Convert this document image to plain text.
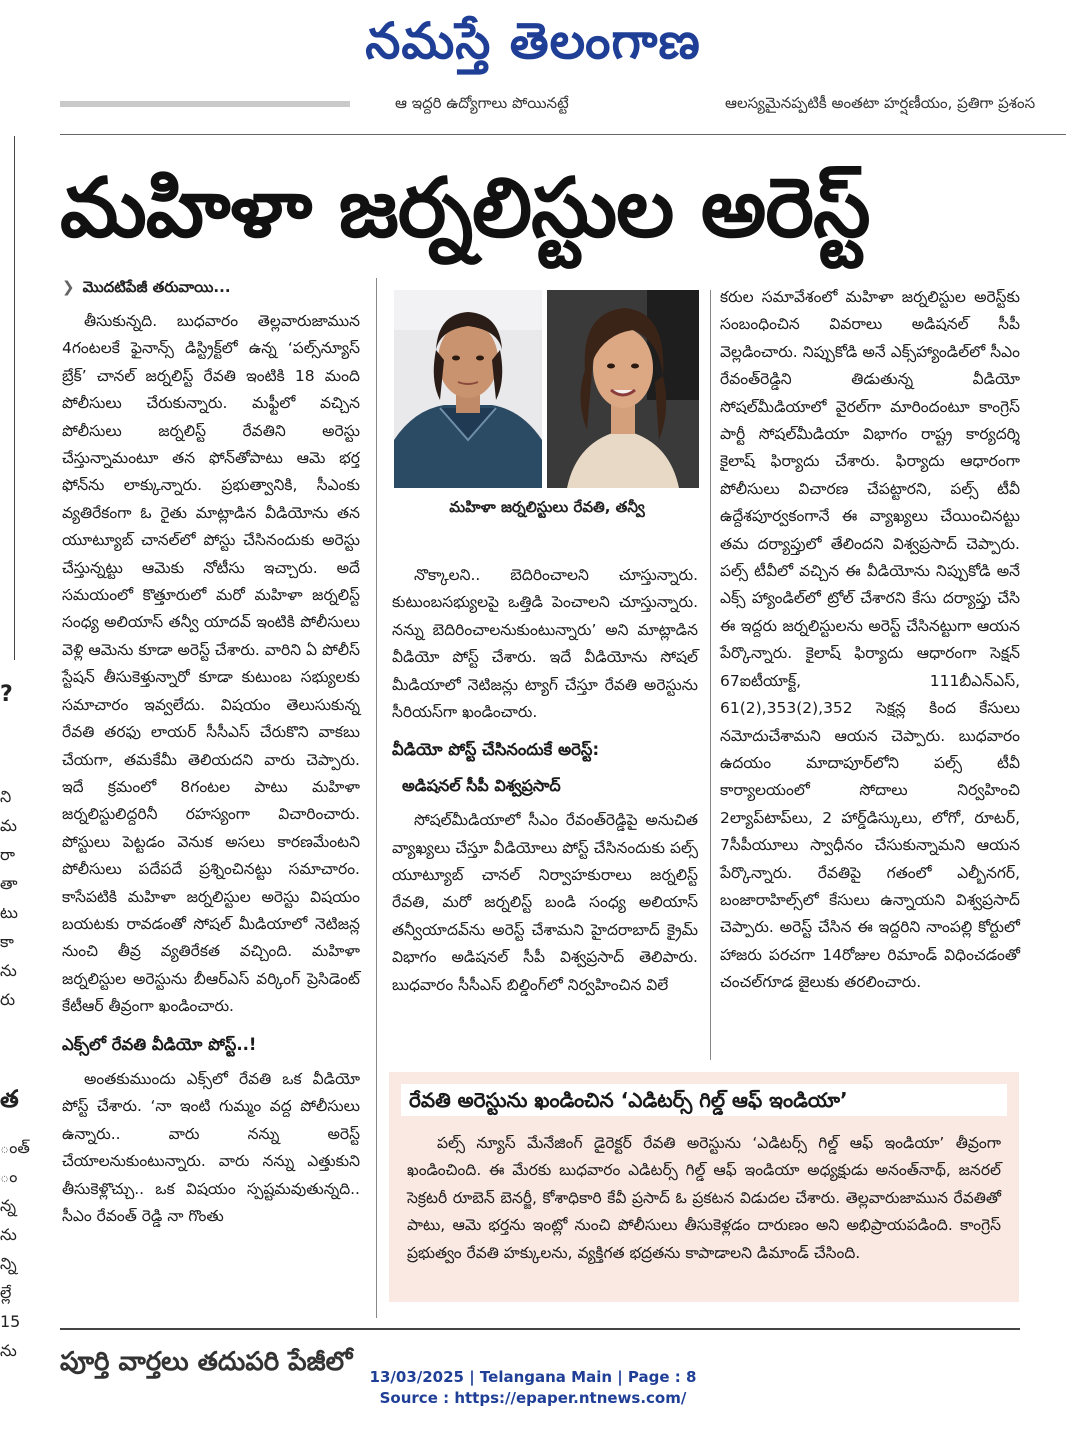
నమస్తే తెలంగాణ
ఆ ఇద్దరి ఉద్యోగాలు పోయినట్టే	ఆలస్యమైనప్పటికీ అంతటా హర్షణీయం, ప్రతిగా ప్రశంస
?
ని
మ
రా
తా
టు
కా
ను
రు
త
ంత్
ం
న్న
ను
న్ని
ల్లే
15
ను
మహిళా జర్నలిస్టుల అరెస్ట్
❯ మొదటిపేజీ తరువాయి...

తీసుకున్నది. బుధవారం తెల్లవారుజామున 4గంటలకే ఫైనాన్స్ డిస్ట్రిక్ట్‌లో ఉన్న ‘పల్స్‌న్యూస్ బ్రేక్’ చానల్ జర్నలిస్ట్ రేవతి ఇంటికి 18 మంది పోలీసులు చేరుకున్నారు. మఫ్టీలో వచ్చిన పోలీసులు జర్నలిస్ట్ రేవతిని అరెస్టు చేస్తున్నామంటూ తన ఫోన్‌తోపాటు ఆమె భర్త ఫోన్‌ను లాక్కున్నారు. ప్రభుత్వానికి, సీఎంకు వ్యతిరేకంగా ఓ రైతు మాట్లాడిన వీడియోను తన యూట్యూబ్ చానల్‌లో పోస్టు చేసినందుకు అరెస్టు చేస్తున్నట్టు ఆమెకు నోటీసు ఇచ్చారు. అదే సమయంలో కొత్తూరులో మరో మహిళా జర్నలిస్ట్ సంధ్య అలియాస్ తన్వీ యాదవ్ ఇంటికి పోలీసులు వెళ్లి ఆమెను కూడా అరెస్ట్ చేశారు. వారిని ఏ పోలీస్ స్టేషన్ తీసుకెళ్తున్నారో కూడా కుటుంబ సభ్యులకు సమాచారం ఇవ్వలేదు. విషయం తెలుసుకున్న రేవతి తరఫు లాయర్ సీసీఎస్ చేరుకొని వాకబు చేయగా, తమకేమీ తెలియదని వారు చెప్పారు. ఇదే క్రమంలో 8గంటల పాటు మహిళా జర్నలిస్టులిద్దరినీ రహస్యంగా విచారించారు. పోస్టులు పెట్టడం వెనుక అసలు కారణమేంటని పోలీసులు పదేపదే ప్రశ్నించినట్టు సమాచారం. కాసేపటికి మహిళా జర్నలిస్టుల అరెస్టు విషయం బయటకు రావడంతో సోషల్ మీడియాలో నెటిజన్ల నుంచి తీవ్ర వ్యతిరేకత వచ్చింది. మహిళా జర్నలిస్టుల అరెస్టును బీఆర్‌ఎస్ వర్కింగ్ ప్రెసిడెంట్ కేటీఆర్ తీవ్రంగా ఖండించారు.

ఎక్స్‌లో రేవతి వీడియో పోస్ట్..!

అంతకుముందు ఎక్స్‌లో రేవతి ఒక వీడియో పోస్ట్ చేశారు. ‘నా ఇంటి గుమ్మం వద్ద పోలీసులు ఉన్నారు.. వారు నన్ను అరెస్ట్ చేయాలనుకుంటున్నారు. వారు నన్ను ఎత్తుకుని తీసుకెళ్లొచ్చు.. ఒక విషయం స్పష్టమవుతున్నది.. సీఎం రేవంత్ రెడ్డి నా గొంతు

మహిళా జర్నలిస్టులు రేవతి, తన్వీ

నొక్కాలని.. బెదిరించాలని చూస్తున్నారు. కుటుంబసభ్యులపై ఒత్తిడి పెంచాలని చూస్తున్నారు. నన్ను బెదిరించాలనుకుంటున్నారు’ అని మాట్లాడిన వీడియో పోస్ట్ చేశారు. ఇదే వీడియోను సోషల్ మీడియాలో నెటిజన్లు ట్యాగ్ చేస్తూ రేవతి అరెస్టును సీరియస్‌గా ఖండించారు.

వీడియో పోస్ట్ చేసినందుకే అరెస్ట్:
అడిషనల్ సీపీ విశ్వప్రసాద్

సోషల్‌మీడియాలో సీఎం రేవంత్‌రెడ్డిపై అనుచిత వ్యాఖ్యలు చేస్తూ వీడియోలు పోస్ట్ చేసినందుకు పల్స్ యూట్యూబ్ చానల్ నిర్వాహకురాలు జర్నలిస్ట్ రేవతి, మరో జర్నలిస్ట్ బండి సంధ్య అలియాస్ తన్వీయాదవ్‌ను అరెస్ట్ చేశామని హైదరాబాద్ క్రైమ్ విభాగం అడిషనల్ సీపీ విశ్వప్రసాద్ తెలిపారు. బుధవారం సీసీఎస్ బిల్డింగ్‌లో నిర్వహించిన విలే

కరుల సమావేశంలో మహిళా జర్నలిస్టుల అరెస్ట్‌కు సంబంధించిన వివరాలు అడిషనల్ సీపీ వెల్లడించారు. నిప్పుకోడి అనే ఎక్స్‌హ్యాండిల్‌లో సీఎం రేవంత్‌రెడ్డిని తిడుతున్న వీడియో సోషల్‌మీడియాలో వైరల్‌గా మారిందంటూ కాంగ్రెస్ పార్టీ సోషల్‌మీడియా విభాగం రాష్ట్ర కార్యదర్శి కైలాష్ ఫిర్యాదు చేశారు. ఫిర్యాదు ఆధారంగా పోలీసులు విచారణ చేపట్టారని, పల్స్ టీవీ ఉద్దేశపూర్వకంగానే ఈ వ్యాఖ్యలు చేయించినట్టు తమ దర్యాప్తులో తేలిందని విశ్వప్రసాద్ చెప్పారు. పల్స్ టీవీలో వచ్చిన ఈ వీడియోను నిప్పుకోడి అనే ఎక్స్ హ్యాండిల్‌లో ట్రోల్ చేశారని కేసు దర్యాప్తు చేసి ఈ ఇద్దరు జర్నలిస్టులను అరెస్ట్ చేసినట్టుగా ఆయన పేర్కొన్నారు. కైలాష్ ఫిర్యాదు ఆధారంగా సెక్షన్ 67ఐటీయాక్ట్, 111బీఎన్‌ఎస్, 61(2),353(2),352 సెక్షన్ల కింద కేసులు నమోదుచేశామని ఆయన చెప్పారు. బుధవారం ఉదయం మాదాపూర్‌లోని పల్స్ టీవీ కార్యాలయంలో సోదాలు నిర్వహించి 2ల్యాప్‌టాప్‌లు, 2 హార్డ్‌డిస్కులు, లోగో, రూటర్, 7సీపీయూలు స్వాధీనం చేసుకున్నామని ఆయన పేర్కొన్నారు. రేవతిపై గతంలో ఎల్బీనగర్, బంజారాహిల్స్‌లో కేసులు ఉన్నాయని విశ్వప్రసాద్ చెప్పారు. అరెస్ట్ చేసిన ఈ ఇద్దరిని నాంపల్లి కోర్టులో హాజరు పరచగా 14రోజుల రిమాండ్ విధించడంతో చంచల్‌గూడ జైలుకు తరలించారు.

రేవతి అరెస్టును ఖండించిన ‘ఎడిటర్స్ గిల్డ్ ఆఫ్ ఇండియా’

పల్స్ న్యూస్ మేనేజింగ్ డైరెక్టర్ రేవతి అరెస్టును ‘ఎడిటర్స్ గిల్డ్ ఆఫ్ ఇండియా’ తీవ్రంగా ఖండించింది. ఈ మేరకు బుధవారం ఎడిటర్స్ గిల్డ్ ఆఫ్ ఇండియా అధ్యక్షుడు అనంత్‌నాథ్, జనరల్ సెక్రటరీ రూబెన్ బెనర్జీ, కోశాధికారి కేవీ ప్రసాద్ ఓ ప్రకటన విడుదల చేశారు. తెల్లవారుజామున రేవతితో పాటు, ఆమె భర్తను ఇంట్లో నుంచి పోలీసులు తీసుకెళ్లడం దారుణం అని అభిప్రాయపడింది. కాంగ్రెస్ ప్రభుత్వం రేవతి హక్కులను, వ్యక్తిగత భద్రతను కాపాడాలని డిమాండ్ చేసింది.

పూర్తి వార్తలు తదుపరి పేజీలో	13/03/2025 | Telangana Main | Page : 8
Source : https://epaper.ntnews.com/
